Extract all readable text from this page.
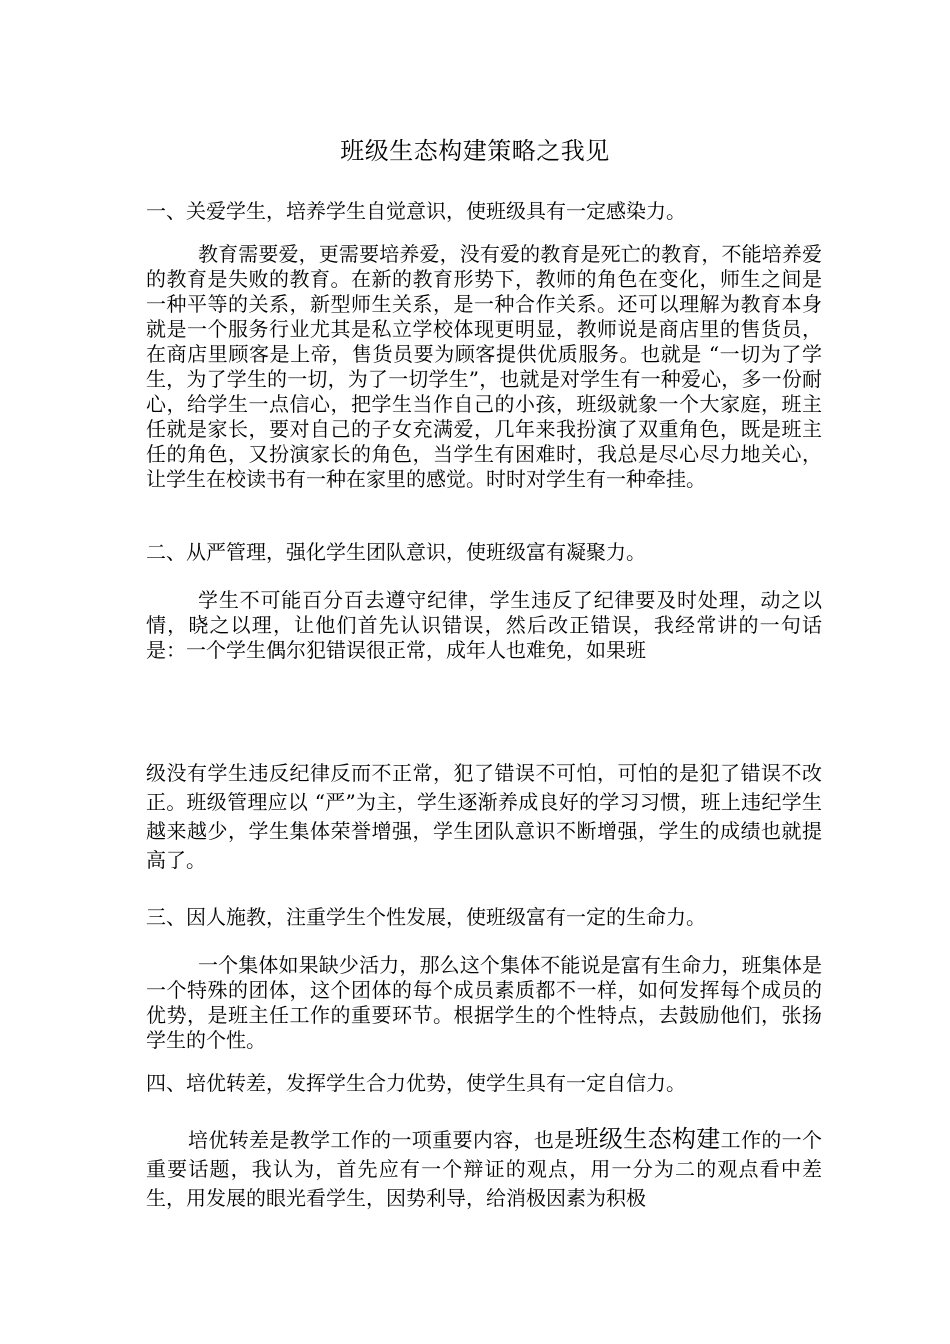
班级生态构建策略之我见
一、关爱学生，培养学生自觉意识，使班级具有一定感染力。
教育需要爱，更需要培养爱，没有爱的教育是死亡的教育，不能培养爱的教育是失败的教育。在新的教育形势下，教师的角色在变化，师生之间是一种平等的关系，新型师生关系，是一种合作关系。还可以理解为教育本身就是一个服务行业尤其是私立学校体现更明显，教师说是商店里的售货员，在商店里顾客是上帝，售货员要为顾客提供优质服务。也就是 “一切为了学生，为了学生的一切，为了一切学生”，也就是对学生有一种爱心，多一份耐心，给学生一点信心，把学生当作自己的小孩，班级就象一个大家庭，班主任就是家长，要对自己的子女充满爱，几年来我扮演了双重角色，既是班主任的角色，又扮演家长的角色，当学生有困难时，我总是尽心尽力地关心，让学生在校读书有一种在家里的感觉。时时对学生有一种牵挂。
二、从严管理，强化学生团队意识，使班级富有凝聚力。
学生不可能百分百去遵守纪律，学生违反了纪律要及时处理，动之以情，晓之以理，让他们首先认识错误，然后改正错误，我经常讲的一句话是：一个学生偶尔犯错误很正常，成年人也难免，如果班
级没有学生违反纪律反而不正常，犯了错误不可怕，可怕的是犯了错误不改正。班级管理应以 “严”为主，学生逐渐养成良好的学习习惯，班上违纪学生越来越少，学生集体荣誉增强，学生团队意识不断增强，学生的成绩也就提高了。
三、因人施教，注重学生个性发展，使班级富有一定的生命力。
一个集体如果缺少活力，那么这个集体不能说是富有生命力，班集体是一个特殊的团体，这个团体的每个成员素质都不一样，如何发挥每个成员的优势，是班主任工作的重要环节。根据学生的个性特点，去鼓励他们，张扬学生的个性。
四、培优转差，发挥学生合力优势，使学生具有一定自信力。
培优转差是教学工作的一项重要内容，也是班级生态构建工作的一个重要话题，我认为，首先应有一个辩证的观点，用一分为二的观点看中差生，用发展的眼光看学生，因势利导，给消极因素为积极
